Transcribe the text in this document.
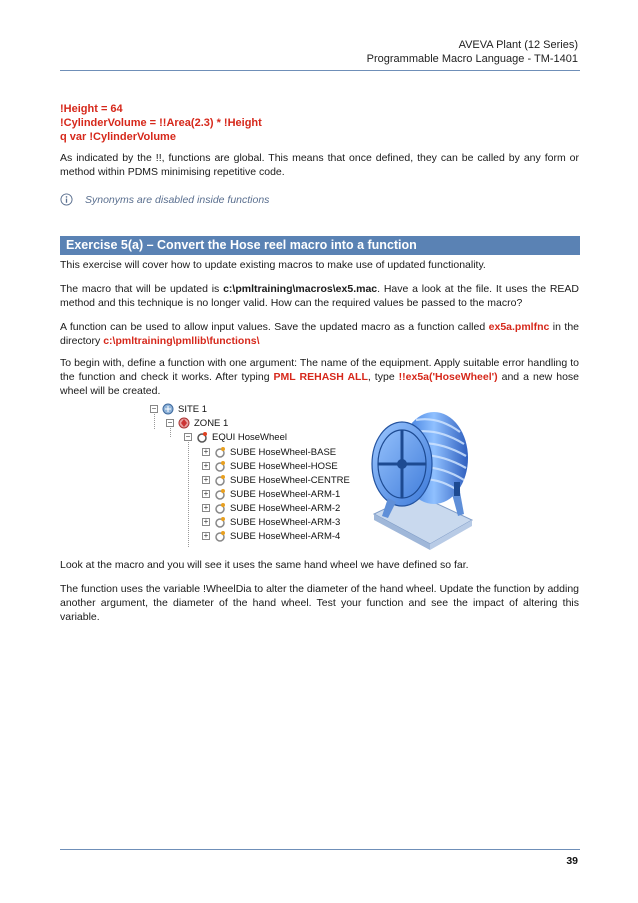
AVEVA Plant (12 Series)
Programmable Macro Language - TM-1401
!Height = 64
!CylinderVolume = !!Area(2.3) * !Height
q var !CylinderVolume
As indicated by the !!, functions are global. This means that once defined, they can be called by any form or method within PDMS minimising repetitive code.
Synonyms are disabled inside functions
Exercise 5(a) – Convert the Hose reel macro into a function
This exercise will cover how to update existing macros to make use of updated functionality.
The macro that will be updated is c:\pmltraining\macros\ex5.mac. Have a look at the file. It uses the READ method and this technique is no longer valid. How can the required values be passed to the macro?
A function can be used to allow input values. Save the updated macro as a function called ex5a.pmlfnc in the directory c:\pmltraining\pmllib\functions\
To begin with, define a function with one argument: The name of the equipment. Apply suitable error handling to the function and check it works. After typing PML REHASH ALL, type !!ex5a('HoseWheel') and a new hose wheel will be created.
− SITE 1
− ZONE 1
− EQUI HoseWheel
+ SUBE HoseWheel-BASE
+ SUBE HoseWheel-HOSE
+ SUBE HoseWheel-CENTRE
+ SUBE HoseWheel-ARM-1
+ SUBE HoseWheel-ARM-2
+ SUBE HoseWheel-ARM-3
+ SUBE HoseWheel-ARM-4
Look at the macro and you will see it uses the same hand wheel we have defined so far.
The function uses the variable !WheelDia to alter the diameter of the hand wheel. Update the function by adding another argument, the diameter of the hand wheel. Test your function and see the impact of altering this variable.
39
